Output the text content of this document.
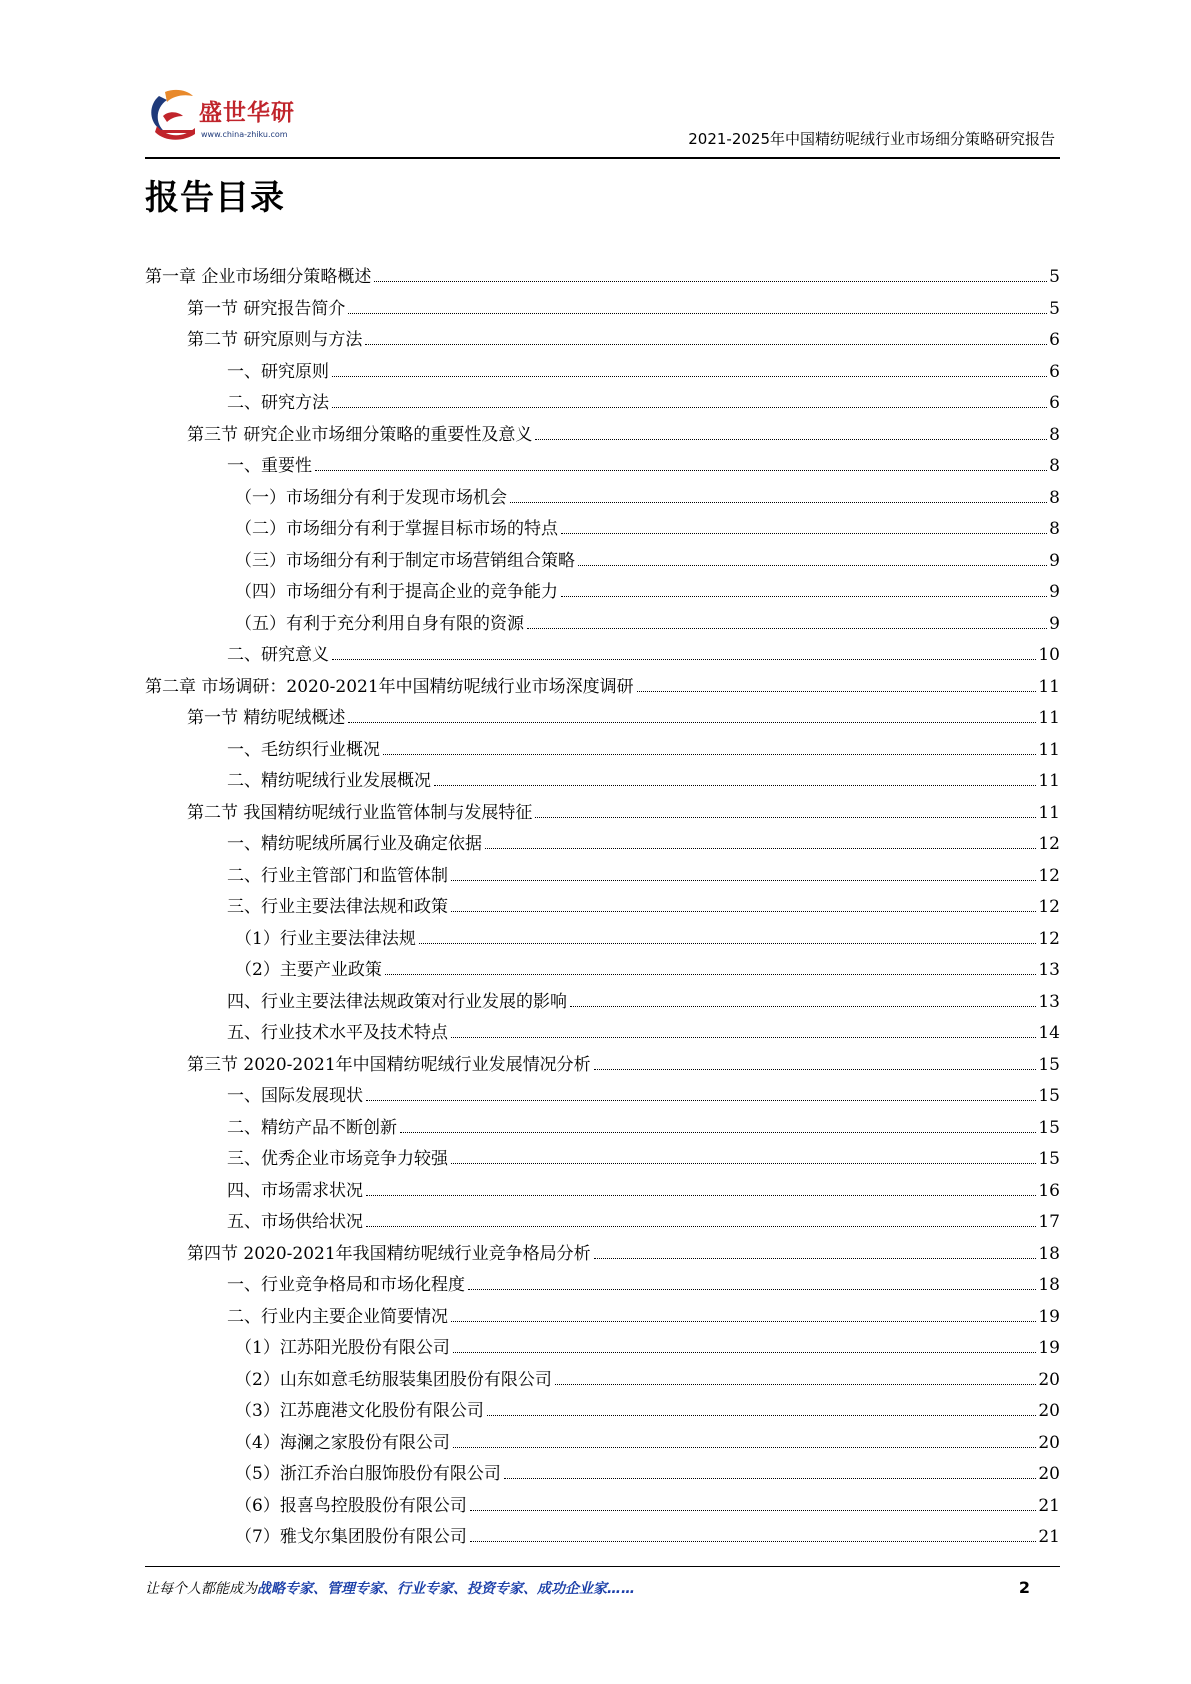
盛世华研
www.china-zhiku.com	2021-2025年中国精纺呢绒行业市场细分策略研究报告
报告目录
第一章 企业市场细分策略概述	5
第一节 研究报告简介	5
第二节 研究原则与方法	6
一、研究原则	6
二、研究方法	6
第三节 研究企业市场细分策略的重要性及意义	8
一、重要性	8
（一）市场细分有利于发现市场机会	8
（二）市场细分有利于掌握目标市场的特点	8
（三）市场细分有利于制定市场营销组合策略	9
（四）市场细分有利于提高企业的竞争能力	9
（五）有利于充分利用自身有限的资源	9
二、研究意义	10
第二章 市场调研：2020-2021年中国精纺呢绒行业市场深度调研	11
第一节 精纺呢绒概述	11
一、毛纺织行业概况	11
二、精纺呢绒行业发展概况	11
第二节 我国精纺呢绒行业监管体制与发展特征	11
一、精纺呢绒所属行业及确定依据	12
二、行业主管部门和监管体制	12
三、行业主要法律法规和政策	12
（1）行业主要法律法规	12
（2）主要产业政策	13
四、行业主要法律法规政策对行业发展的影响	13
五、行业技术水平及技术特点	14
第三节 2020-2021年中国精纺呢绒行业发展情况分析	15
一、国际发展现状	15
二、精纺产品不断创新	15
三、优秀企业市场竞争力较强	15
四、市场需求状况	16
五、市场供给状况	17
第四节 2020-2021年我国精纺呢绒行业竞争格局分析	18
一、行业竞争格局和市场化程度	18
二、行业内主要企业简要情况	19
（1）江苏阳光股份有限公司	19
（2）山东如意毛纺服装集团股份有限公司	20
（3）江苏鹿港文化股份有限公司	20
（4）海澜之家股份有限公司	20
（5）浙江乔治白服饰股份有限公司	20
（6）报喜鸟控股股份有限公司	21
（7）雅戈尔集团股份有限公司	21
让每个人都能成为战略专家、管理专家、行业专家、投资专家、成功企业家……	2
